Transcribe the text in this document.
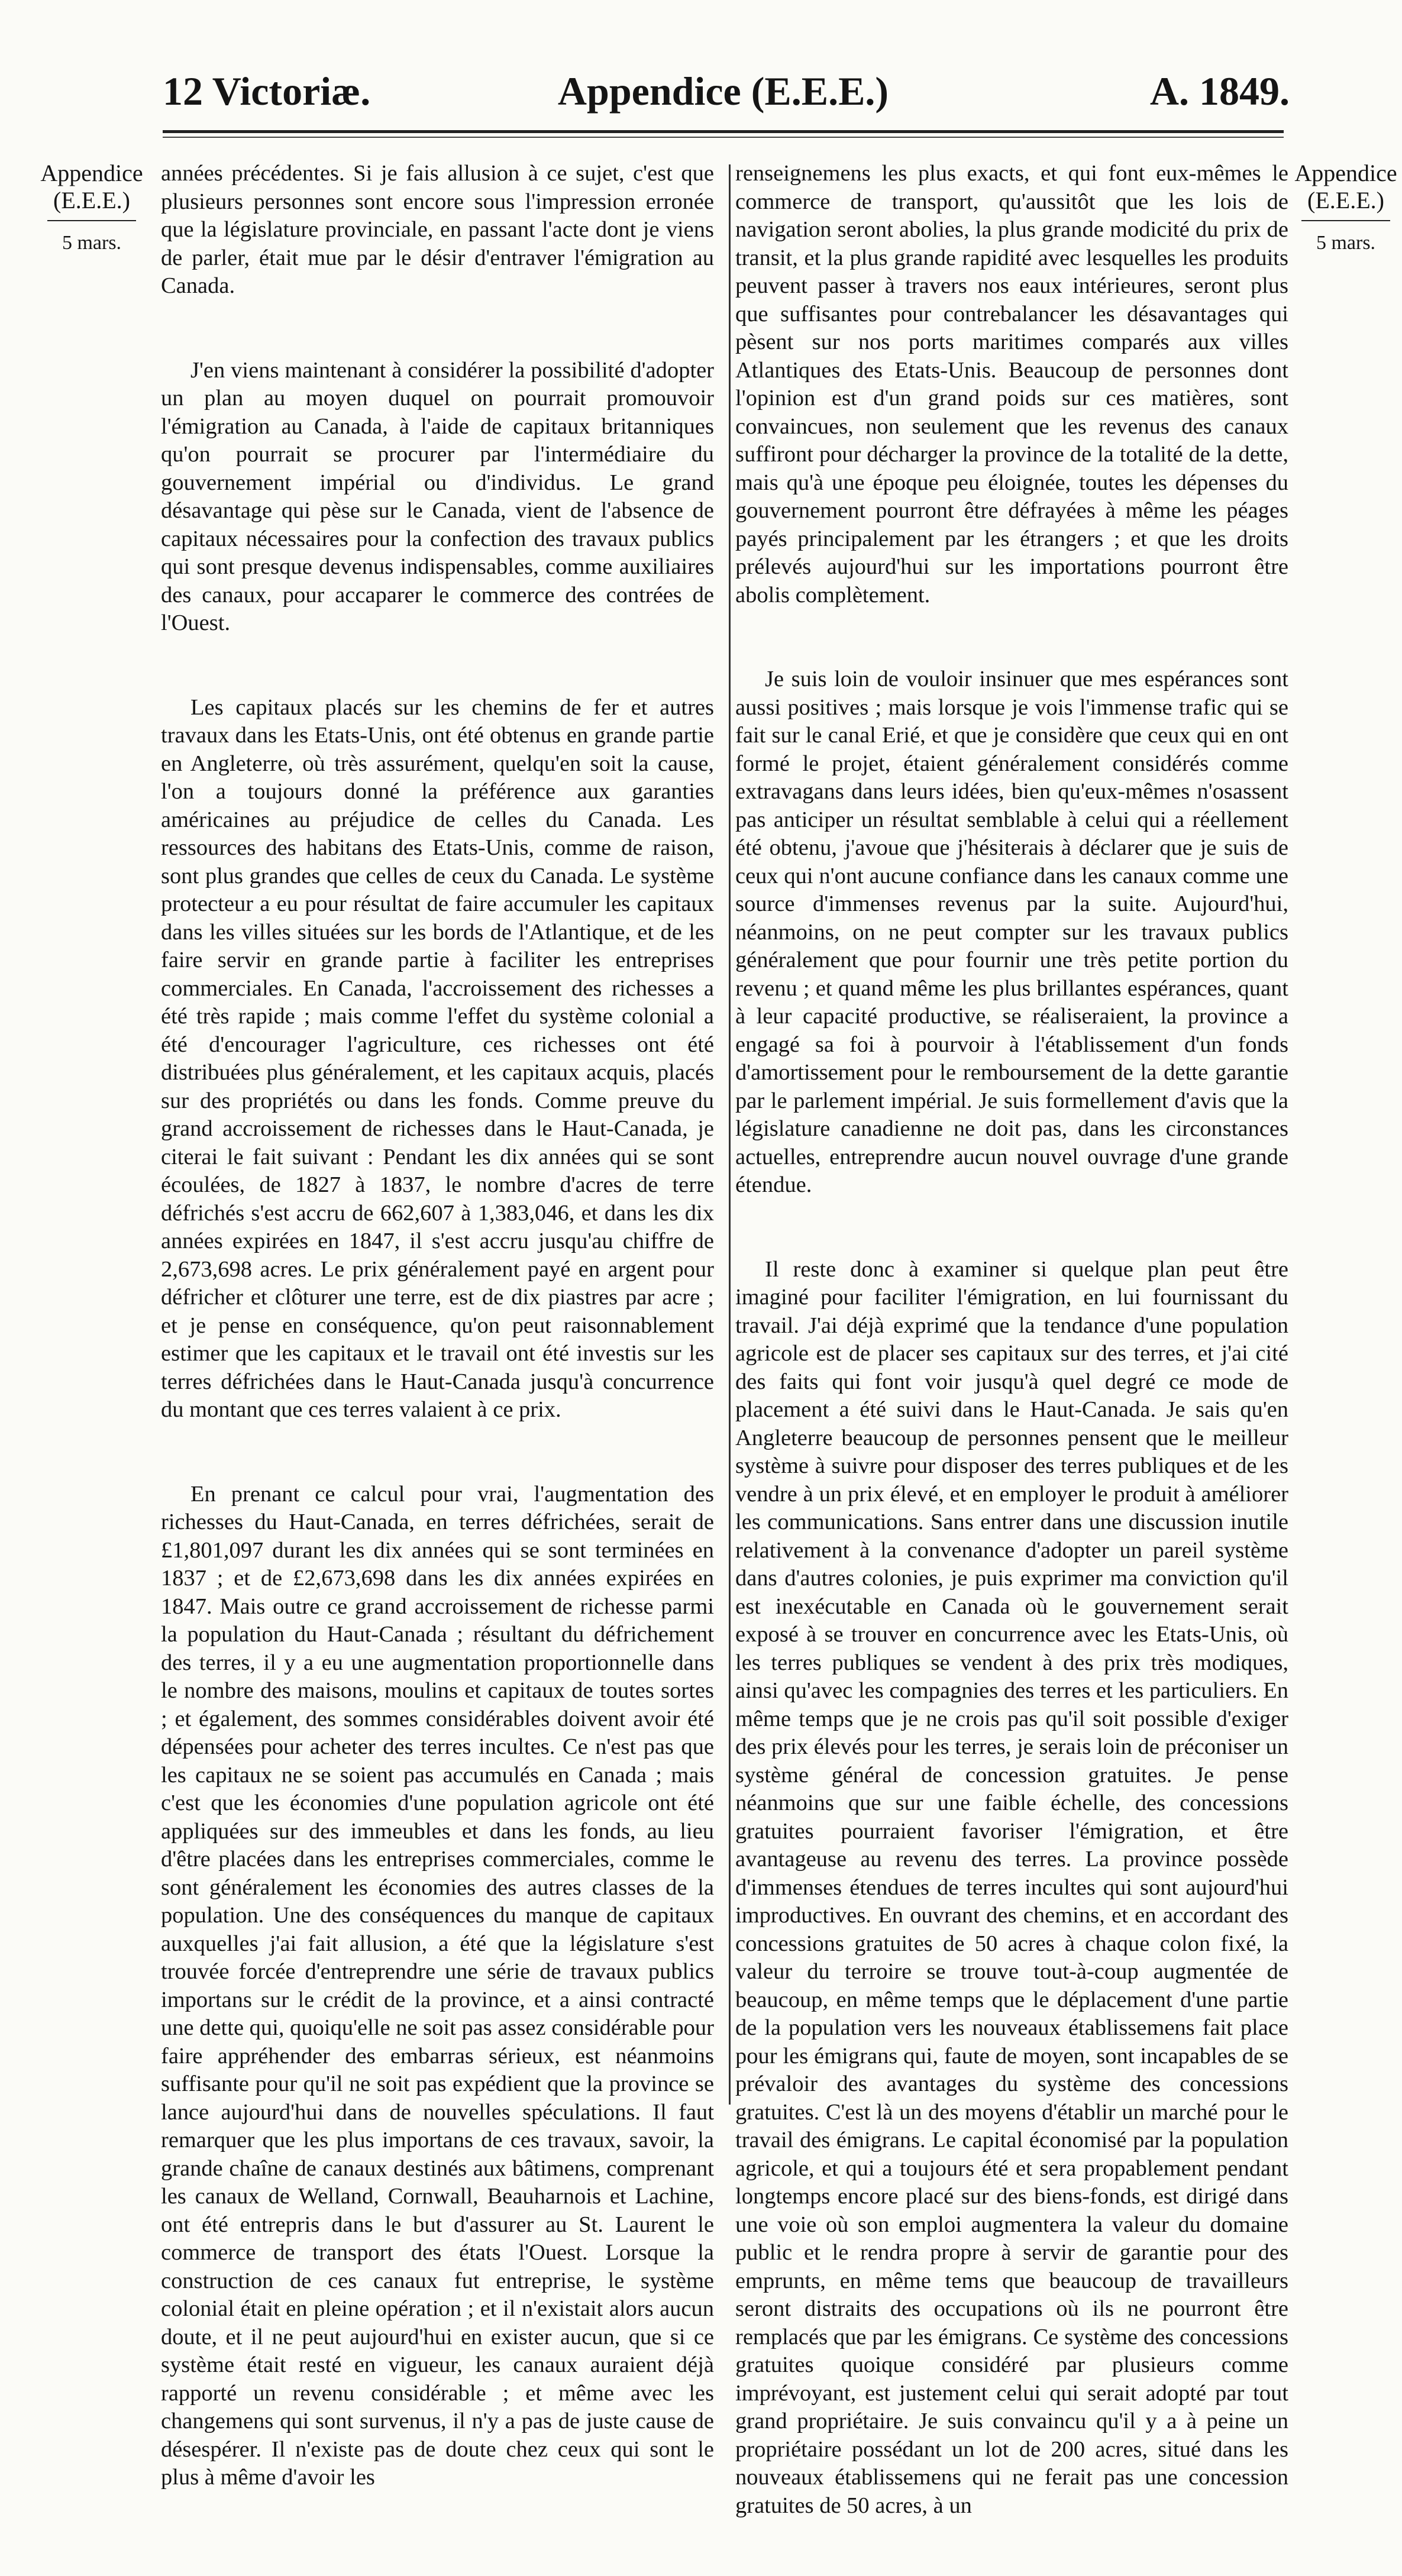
12 Victoriæ.	Appendice (E.E.E.)	A. 1849.
Appendice
(E.E.E.)
5 mars.
Appendice
(E.E.E.)
5 mars.

années précédentes. Si je fais allusion à ce sujet, c'est que plusieurs personnes sont encore sous l'impression erronée que la législature provinciale, en passant l'acte dont je viens de parler, était mue par le désir d'entraver l'émigration au Canada.

J'en viens maintenant à considérer la possibilité d'adopter un plan au moyen duquel on pourrait promouvoir l'émigration au Canada, à l'aide de capitaux britanniques qu'on pourrait se procurer par l'intermédiaire du gouvernement impérial ou d'individus. Le grand désavantage qui pèse sur le Canada, vient de l'absence de capitaux nécessaires pour la confection des travaux publics qui sont presque devenus indispensables, comme auxiliaires des canaux, pour accaparer le commerce des contrées de l'Ouest.

Les capitaux placés sur les chemins de fer et autres travaux dans les Etats-Unis, ont été obtenus en grande partie en Angleterre, où très assurément, quelqu'en soit la cause, l'on a toujours donné la préférence aux garanties américaines au préjudice de celles du Canada. Les ressources des habitans des Etats-Unis, comme de raison, sont plus grandes que celles de ceux du Canada. Le système protecteur a eu pour résultat de faire accumuler les capitaux dans les villes situées sur les bords de l'Atlantique, et de les faire servir en grande partie à faciliter les entreprises commerciales. En Canada, l'accroissement des richesses a été très rapide ; mais comme l'effet du système colonial a été d'encourager l'agriculture, ces richesses ont été distribuées plus généralement, et les capitaux acquis, placés sur des propriétés ou dans les fonds. Comme preuve du grand accroissement de richesses dans le Haut-Canada, je citerai le fait suivant : Pendant les dix années qui se sont écoulées, de 1827 à 1837, le nombre d'acres de terre défrichés s'est accru de 662,607 à 1,383,046, et dans les dix années expirées en 1847, il s'est accru jusqu'au chiffre de 2,673,698 acres. Le prix généralement payé en argent pour défricher et clôturer une terre, est de dix piastres par acre ; et je pense en conséquence, qu'on peut raisonnablement estimer que les capitaux et le travail ont été investis sur les terres défrichées dans le Haut-Canada jusqu'à concurrence du montant que ces terres valaient à ce prix.

En prenant ce calcul pour vrai, l'augmentation des richesses du Haut-Canada, en terres défrichées, serait de £1,801,097 durant les dix années qui se sont terminées en 1837 ; et de £2,673,698 dans les dix années expirées en 1847. Mais outre ce grand accroissement de richesse parmi la population du Haut-Canada ; résultant du défrichement des terres, il y a eu une augmentation proportionnelle dans le nombre des maisons, moulins et capitaux de toutes sortes ; et également, des sommes considérables doivent avoir été dépensées pour acheter des terres incultes. Ce n'est pas que les capitaux ne se soient pas accumulés en Canada ; mais c'est que les économies d'une population agricole ont été appliquées sur des immeubles et dans les fonds, au lieu d'être placées dans les entreprises commerciales, comme le sont généralement les économies des autres classes de la population. Une des conséquences du manque de capitaux auxquelles j'ai fait allusion, a été que la législature s'est trouvée forcée d'entreprendre une série de travaux publics importans sur le crédit de la province, et a ainsi contracté une dette qui, quoiqu'elle ne soit pas assez considérable pour faire appréhender des embarras sérieux, est néanmoins suffisante pour qu'il ne soit pas expédient que la province se lance aujourd'hui dans de nouvelles spéculations. Il faut remarquer que les plus importans de ces travaux, savoir, la grande chaîne de canaux destinés aux bâtimens, comprenant les canaux de Welland, Cornwall, Beauharnois et Lachine, ont été entrepris dans le but d'assurer au St. Laurent le commerce de transport des états l'Ouest. Lorsque la construction de ces canaux fut entreprise, le système colonial était en pleine opération ; et il n'existait alors aucun doute, et il ne peut aujourd'hui en exister aucun, que si ce système était resté en vigueur, les canaux auraient déjà rapporté un revenu considérable ; et même avec les changemens qui sont survenus, il n'y a pas de juste cause de désespérer. Il n'existe pas de doute chez ceux qui sont le plus à même d'avoir les

renseignemens les plus exacts, et qui font eux-mêmes le commerce de transport, qu'aussitôt que les lois de navigation seront abolies, la plus grande modicité du prix de transit, et la plus grande rapidité avec lesquelles les produits peuvent passer à travers nos eaux intérieures, seront plus que suffisantes pour contrebalancer les désavantages qui pèsent sur nos ports maritimes comparés aux villes Atlantiques des Etats-Unis. Beaucoup de personnes dont l'opinion est d'un grand poids sur ces matières, sont convaincues, non seulement que les revenus des canaux suffiront pour décharger la province de la totalité de la dette, mais qu'à une époque peu éloignée, toutes les dépenses du gouvernement pourront être défrayées à même les péages payés principalement par les étrangers ; et que les droits prélevés aujourd'hui sur les importations pourront être abolis complètement.

Je suis loin de vouloir insinuer que mes espérances sont aussi positives ; mais lorsque je vois l'immense trafic qui se fait sur le canal Erié, et que je considère que ceux qui en ont formé le projet, étaient généralement considérés comme extravagans dans leurs idées, bien qu'eux-mêmes n'osassent pas anticiper un résultat semblable à celui qui a réellement été obtenu, j'avoue que j'hésiterais à déclarer que je suis de ceux qui n'ont aucune confiance dans les canaux comme une source d'immenses revenus par la suite. Aujourd'hui, néanmoins, on ne peut compter sur les travaux publics généralement que pour fournir une très petite portion du revenu ; et quand même les plus brillantes espérances, quant à leur capacité productive, se réaliseraient, la province a engagé sa foi à pourvoir à l'établissement d'un fonds d'amortissement pour le remboursement de la dette garantie par le parlement impérial. Je suis formellement d'avis que la législature canadienne ne doit pas, dans les circonstances actuelles, entreprendre aucun nouvel ouvrage d'une grande étendue.

Il reste donc à examiner si quelque plan peut être imaginé pour faciliter l'émigration, en lui fournissant du travail. J'ai déjà exprimé que la tendance d'une population agricole est de placer ses capitaux sur des terres, et j'ai cité des faits qui font voir jusqu'à quel degré ce mode de placement a été suivi dans le Haut-Canada. Je sais qu'en Angleterre beaucoup de personnes pensent que le meilleur système à suivre pour disposer des terres publiques et de les vendre à un prix élevé, et en employer le produit à améliorer les communications. Sans entrer dans une discussion inutile relativement à la convenance d'adopter un pareil système dans d'autres colonies, je puis exprimer ma conviction qu'il est inexécutable en Canada où le gouvernement serait exposé à se trouver en concurrence avec les Etats-Unis, où les terres publiques se vendent à des prix très modiques, ainsi qu'avec les compagnies des terres et les particuliers. En même temps que je ne crois pas qu'il soit possible d'exiger des prix élevés pour les terres, je serais loin de préconiser un système général de concession gratuites. Je pense néanmoins que sur une faible échelle, des concessions gratuites pourraient favoriser l'émigration, et être avantageuse au revenu des terres. La province possède d'immenses étendues de terres incultes qui sont aujourd'hui improductives. En ouvrant des chemins, et en accordant des concessions gratuites de 50 acres à chaque colon fixé, la valeur du terroire se trouve tout-à-coup augmentée de beaucoup, en même temps que le déplacement d'une partie de la population vers les nouveaux établissemens fait place pour les émigrans qui, faute de moyen, sont incapables de se prévaloir des avantages du système des concessions gratuites. C'est là un des moyens d'établir un marché pour le travail des émigrans. Le capital économisé par la population agricole, et qui a toujours été et sera propablement pendant longtemps encore placé sur des biens-fonds, est dirigé dans une voie où son emploi augmentera la valeur du domaine public et le rendra propre à servir de garantie pour des emprunts, en même tems que beaucoup de travailleurs seront distraits des occupations où ils ne pourront être remplacés que par les émigrans. Ce système des concessions gratuites quoique considéré par plusieurs comme imprévoyant, est justement celui qui serait adopté par tout grand propriétaire. Je suis convaincu qu'il y a à peine un propriétaire possédant un lot de 200 acres, situé dans les nouveaux établissemens qui ne ferait pas une concession gratuites de 50 acres, à un
